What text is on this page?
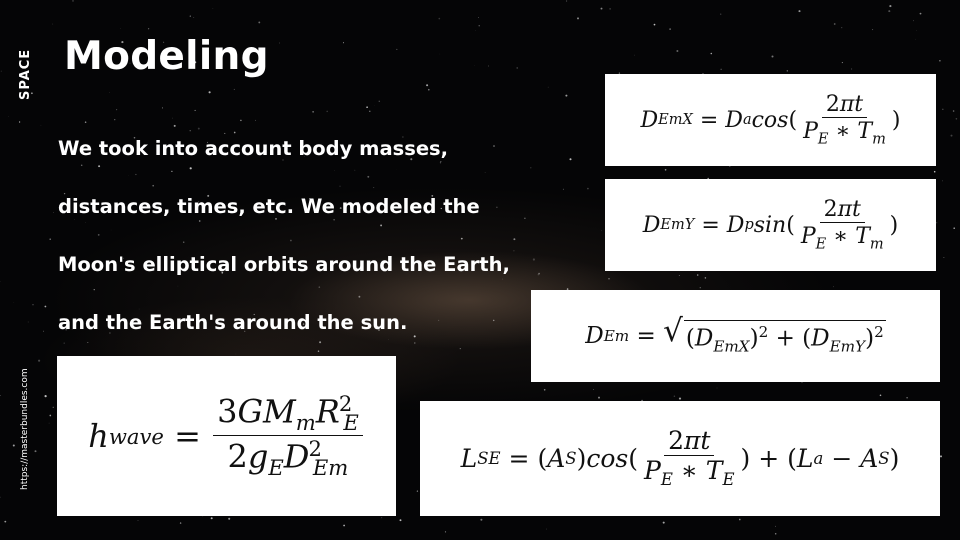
SPACE
https://masterbundles.com
Modeling
We took into account body masses,
distances, times, etc. We modeled the
Moon's elliptical orbits around the Earth,
and the Earth's around the sun.
D EmX
= D a cos ( $\frac{2\pi t}{P_E ∗ T_m}$ )
D EmY
= D p sin ( $\frac{2\pi t}{P_E ∗ T_m}$ )
D Em
=
√ $(D_{EmX})^2 + (D_{EmY})^2$
h wave
=
$\frac{3GM_mR^2_E}{2g_ED^2_{Em}}$	L SE
=
( A S ) cos ( $\frac{2\pi t}{P_E ∗ T_E}$ )
+
( L a
− A S )
